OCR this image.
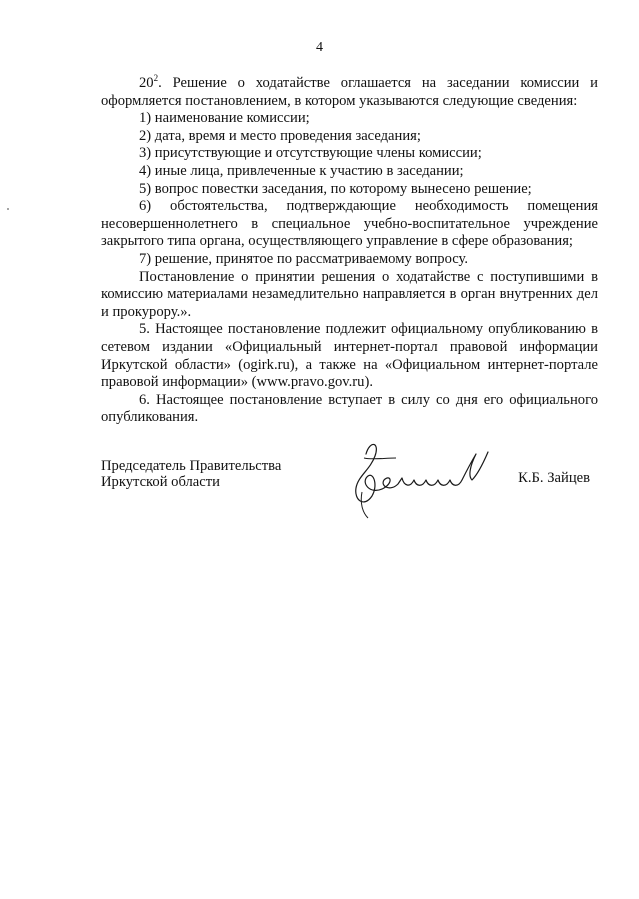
4

$20^2$. Решение о ходатайстве оглашается на заседании комиссии и оформляется постановлением, в котором указываются следующие сведения:

1) наименование комиссии;

2) дата, время и место проведения заседания;

3) присутствующие и отсутствующие члены комиссии;

4) иные лица, привлеченные к участию в заседании;

5) вопрос повестки заседания, по которому вынесено решение;

6) обстоятельства, подтверждающие необходимость помещения несовершеннолетнего в специальное учебно-воспитательное учреждение закрытого типа органа, осуществляющего управление в сфере образования;

7) решение, принятое по рассматриваемому вопросу.

Постановление о принятии решения о ходатайстве с поступившими в комиссию материалами незамедлительно направляется в орган внутренних дел и прокурору.».

5. Настоящее постановление подлежит официальному опубликованию в сетевом издании «Официальный интернет-портал правовой информации Иркутской области» (ogirk.ru), а также на «Официальном интернет-портале правовой информации» (www.pravo.gov.ru).

6. Настоящее постановление вступает в силу со дня его официального опубликования.

Председатель Правительства
Иркутской области	К.Б. Зайцев
